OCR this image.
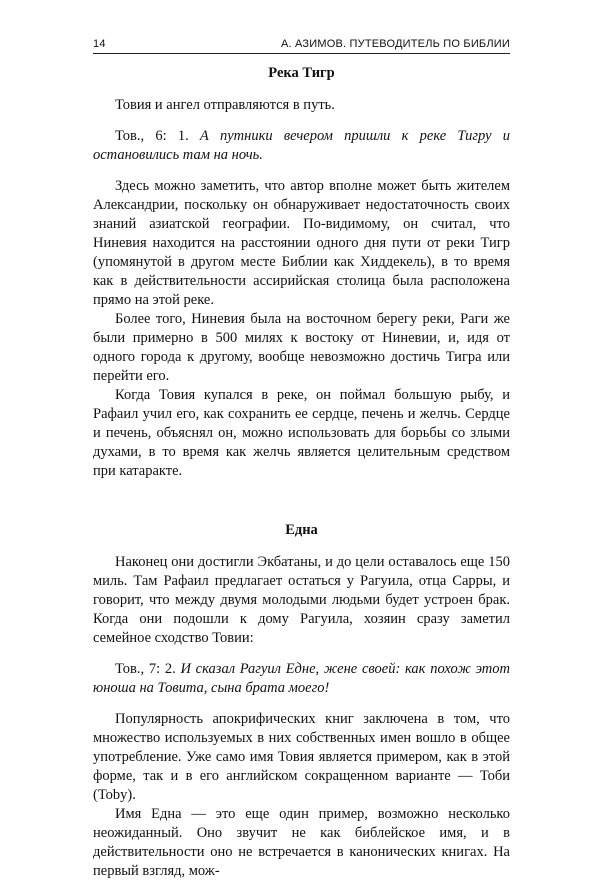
14	А. АЗИМОВ. ПУТЕВОДИТЕЛЬ ПО БИБЛИИ
Река Тигр

Товия и ангел отправляются в путь.

Тов., 6: 1. А путники вечером пришли к реке Тигру и остановились там на ночь.

Здесь можно заметить, что автор вполне может быть жителем Александрии, поскольку он обнаруживает недостаточность своих знаний азиатской географии. По-видимому, он считал, что Ниневия находится на расстоянии одного дня пути от реки Тигр (упомянутой в другом месте Библии как Хиддекель), в то время как в действительности ассирийская столица была расположена прямо на этой реке.

Более того, Ниневия была на восточном берегу реки, Раги же были примерно в 500 милях к востоку от Ниневии, и, идя от одного города к другому, вообще невозможно достичь Тигра или перейти его.

Когда Товия купался в реке, он поймал большую рыбу, и Рафаил учил его, как сохранить ее сердце, печень и желчь. Сердце и печень, объяснял он, можно использовать для борьбы со злыми духами, в то время как желчь является целительным средством при катаракте.

Една

Наконец они достигли Экбатаны, и до цели оставалось еще 150 миль. Там Рафаил предлагает остаться у Рагуила, отца Сарры, и говорит, что между двумя молодыми людьми будет устроен брак. Когда они подошли к дому Рагуила, хозяин сразу заметил семейное сходство Товии:

Тов., 7: 2. И сказал Рагуил Едне, жене своей: как похож этот юноша на Товита, сына брата моего!

Популярность апокрифических книг заключена в том, что множество используемых в них собственных имен вошло в общее употребление. Уже само имя Товия является примером, как в этой форме, так и в его английском сокращенном варианте — Тоби (Toby).

Имя Една — это еще один пример, возможно несколько неожиданный. Оно звучит не как библейское имя, и в действительности оно не встречается в канонических книгах. На первый взгляд, мож-
